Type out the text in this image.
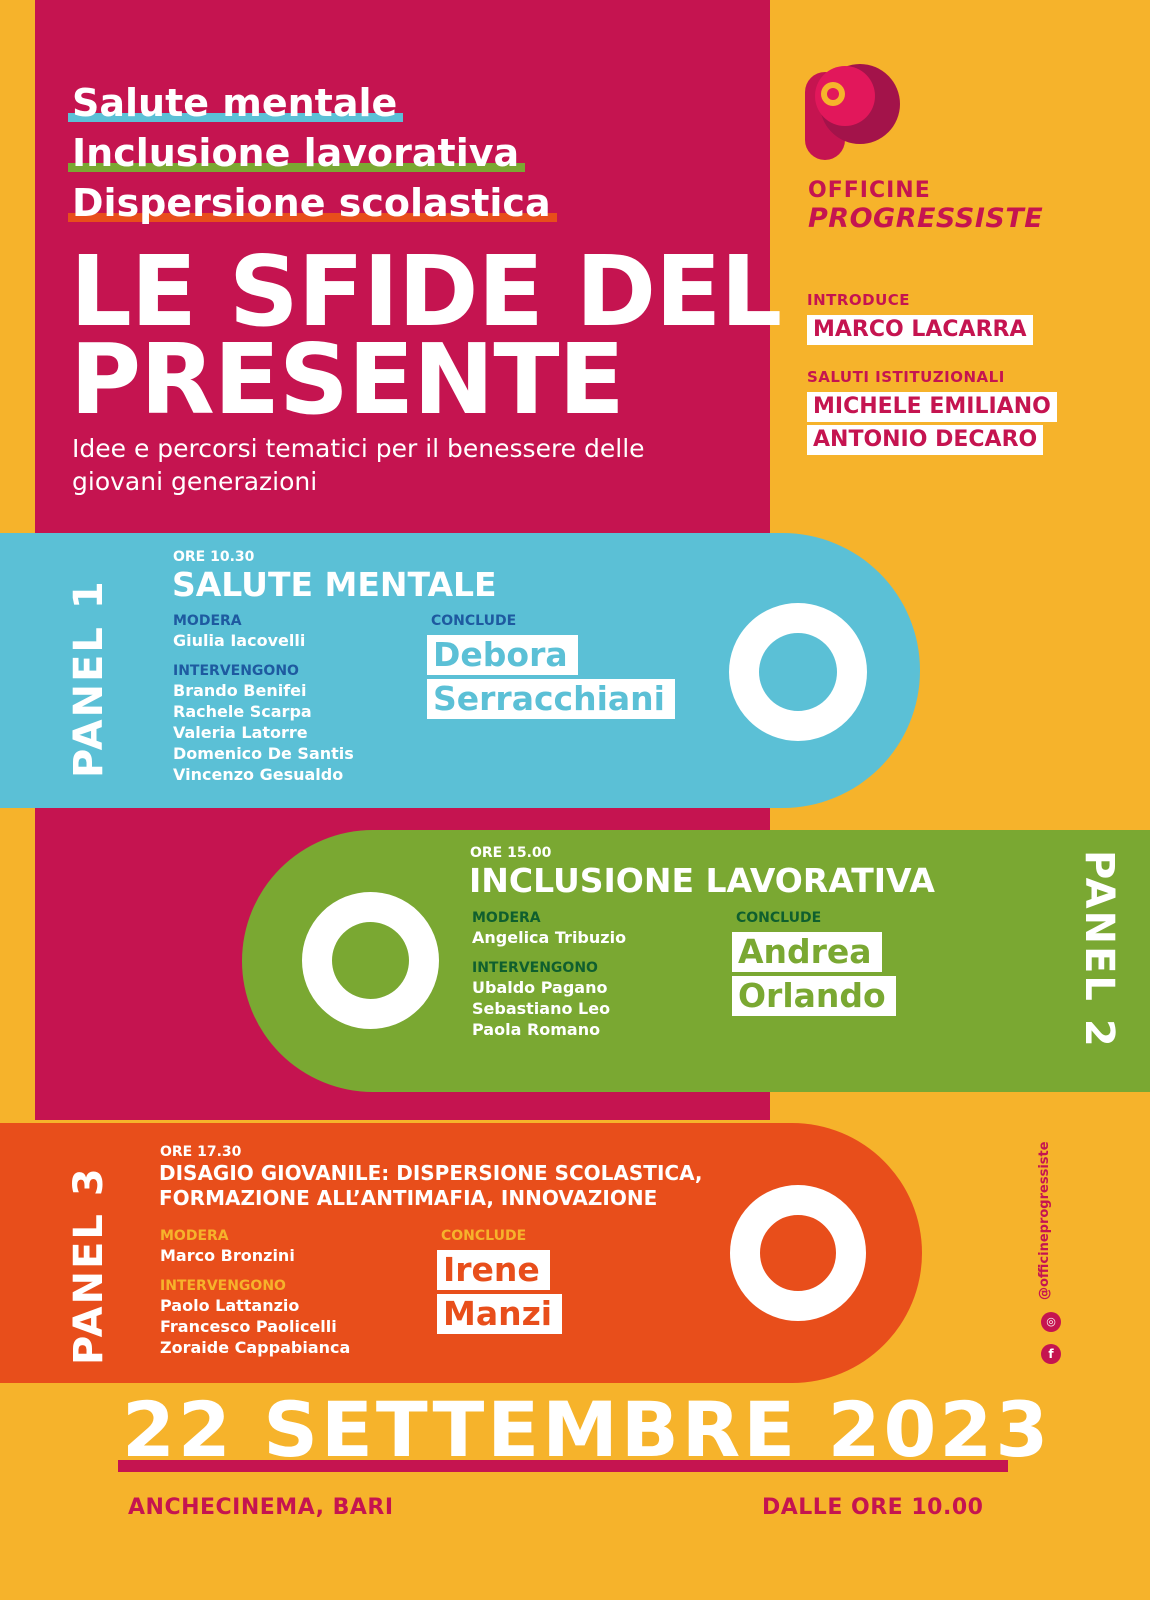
Salute mentale
Inclusione lavorativa
Dispersione scolastica
LE SFIDE DEL
PRESENTE
Idee e percorsi tematici per il benessere delle giovani generazioni
OFFICINE
PROGRESSISTE
INTRODUCE
MARCO LACARRA
SALUTI ISTITUZIONALI
MICHELE EMILIANO
ANTONIO DECARO
PANEL 1
ORE 10.30
SALUTE MENTALE
MODERA
Giulia Iacovelli
INTERVENGONO
Brando Benifei
Rachele Scarpa
Valeria Latorre
Domenico De Santis
Vincenzo Gesualdo
CONCLUDE
Debora
Serracchiani
ORE 15.00
INCLUSIONE LAVORATIVA
MODERA
Angelica Tribuzio
INTERVENGONO
Ubaldo Pagano
Sebastiano Leo
Paola Romano
CONCLUDE
Andrea
Orlando	PANEL 2
PANEL 3
ORE 17.30
DISAGIO GIOVANILE: DISPERSIONE SCOLASTICA,
FORMAZIONE ALL’ANTIMAFIA, INNOVAZIONE
MODERA
Marco Bronzini
INTERVENGONO
Paolo Lattanzio
Francesco Paolicelli
Zoraide Cappabianca
CONCLUDE
Irene
Manzi
@officineprogressiste
◎
f
22 SETTEMBRE 2023
ANCHECINEMA, BARI	DALLE ORE 10.00
